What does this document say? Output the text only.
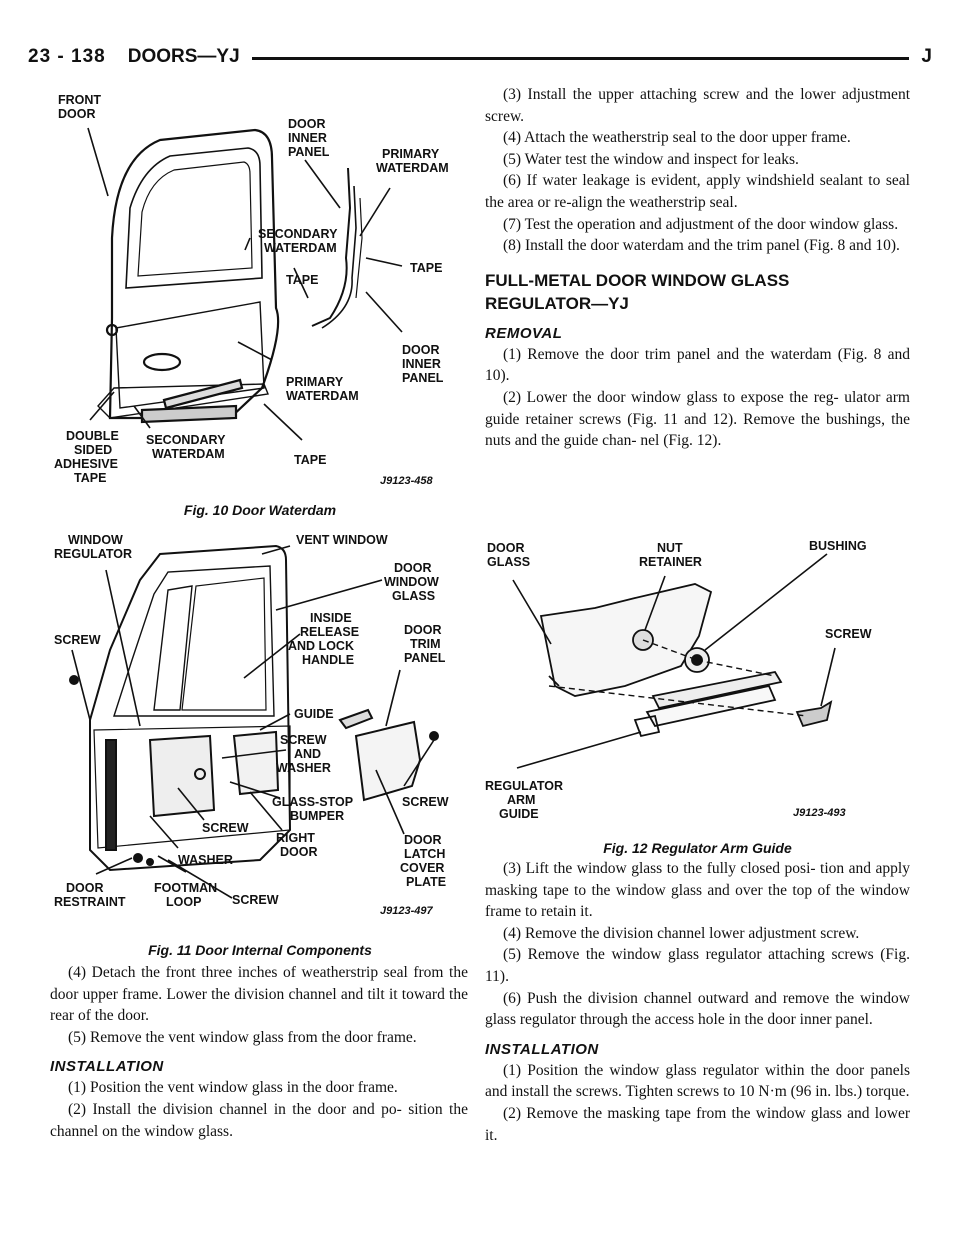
23 - 138 DOORS—YJ	J
FRONT DOOR
DOOR INNER PANEL	PRIMARY WATERDAM
SECONDARY WATERDAM
TAPE
TAPE
DOOR INNER PANEL
PRIMARY WATERDAM
DOUBLE SIDED ADHESIVE TAPE
SECONDARY WATERDAM	TAPE
J9123-458
Fig. 10 Door Waterdam
WINDOW REGULATOR
VENT WINDOW
DOOR WINDOW GLASS
SCREW
INSIDE RELEASE AND LOCK HANDLE
DOOR TRIM PANEL
GUIDE
SCREW AND WASHER
SCREW
GLASS-STOP BUMPER
SCREW
RIGHT DOOR
DOOR LATCH COVER PLATE
WASHER
DOOR RESTRAINT
FOOTMAN LOOP	SCREW
J9123-497
Fig. 11 Door Internal Components

(4) Detach the front three inches of weatherstrip seal from the door upper frame. Lower the division channel and tilt it toward the rear of the door.

(5) Remove the vent window glass from the door frame.

INSTALLATION

(1) Position the vent window glass in the door frame.

(2) Install the division channel in the door and po- sition the channel on the window glass.

(3) Install the upper attaching screw and the lower adjustment screw.

(4) Attach the weatherstrip seal to the door upper frame.

(5) Water test the window and inspect for leaks.

(6) If water leakage is evident, apply windshield sealant to seal the area or re-align the weatherstrip seal.

(7) Test the operation and adjustment of the door window glass.

(8) Install the door waterdam and the trim panel (Fig. 8 and 10).

FULL-METAL DOOR WINDOW GLASS
REGULATOR—YJ
REMOVAL

(1) Remove the door trim panel and the waterdam (Fig. 8 and 10).

(2) Lower the door window glass to expose the reg- ulator arm guide retainer screws (Fig. 11 and 12). Remove the bushings, the nuts and the guide chan- nel (Fig. 12).

DOOR GLASS
NUT RETAINER
BUSHING
SCREW
REGULATOR ARM GUIDE	J9123-493
Fig. 12 Regulator Arm Guide

(3) Lift the window glass to the fully closed posi- tion and apply masking tape to the window glass and over the top of the window frame to retain it.

(4) Remove the division channel lower adjustment screw.

(5) Remove the window glass regulator attaching screws (Fig. 11).

(6) Push the division channel outward and remove the window glass regulator through the access hole in the door inner panel.

INSTALLATION

(1) Position the window glass regulator within the door panels and install the screws. Tighten screws to 10 N·m (96 in. lbs.) torque.

(2) Remove the masking tape from the window glass and lower it.
